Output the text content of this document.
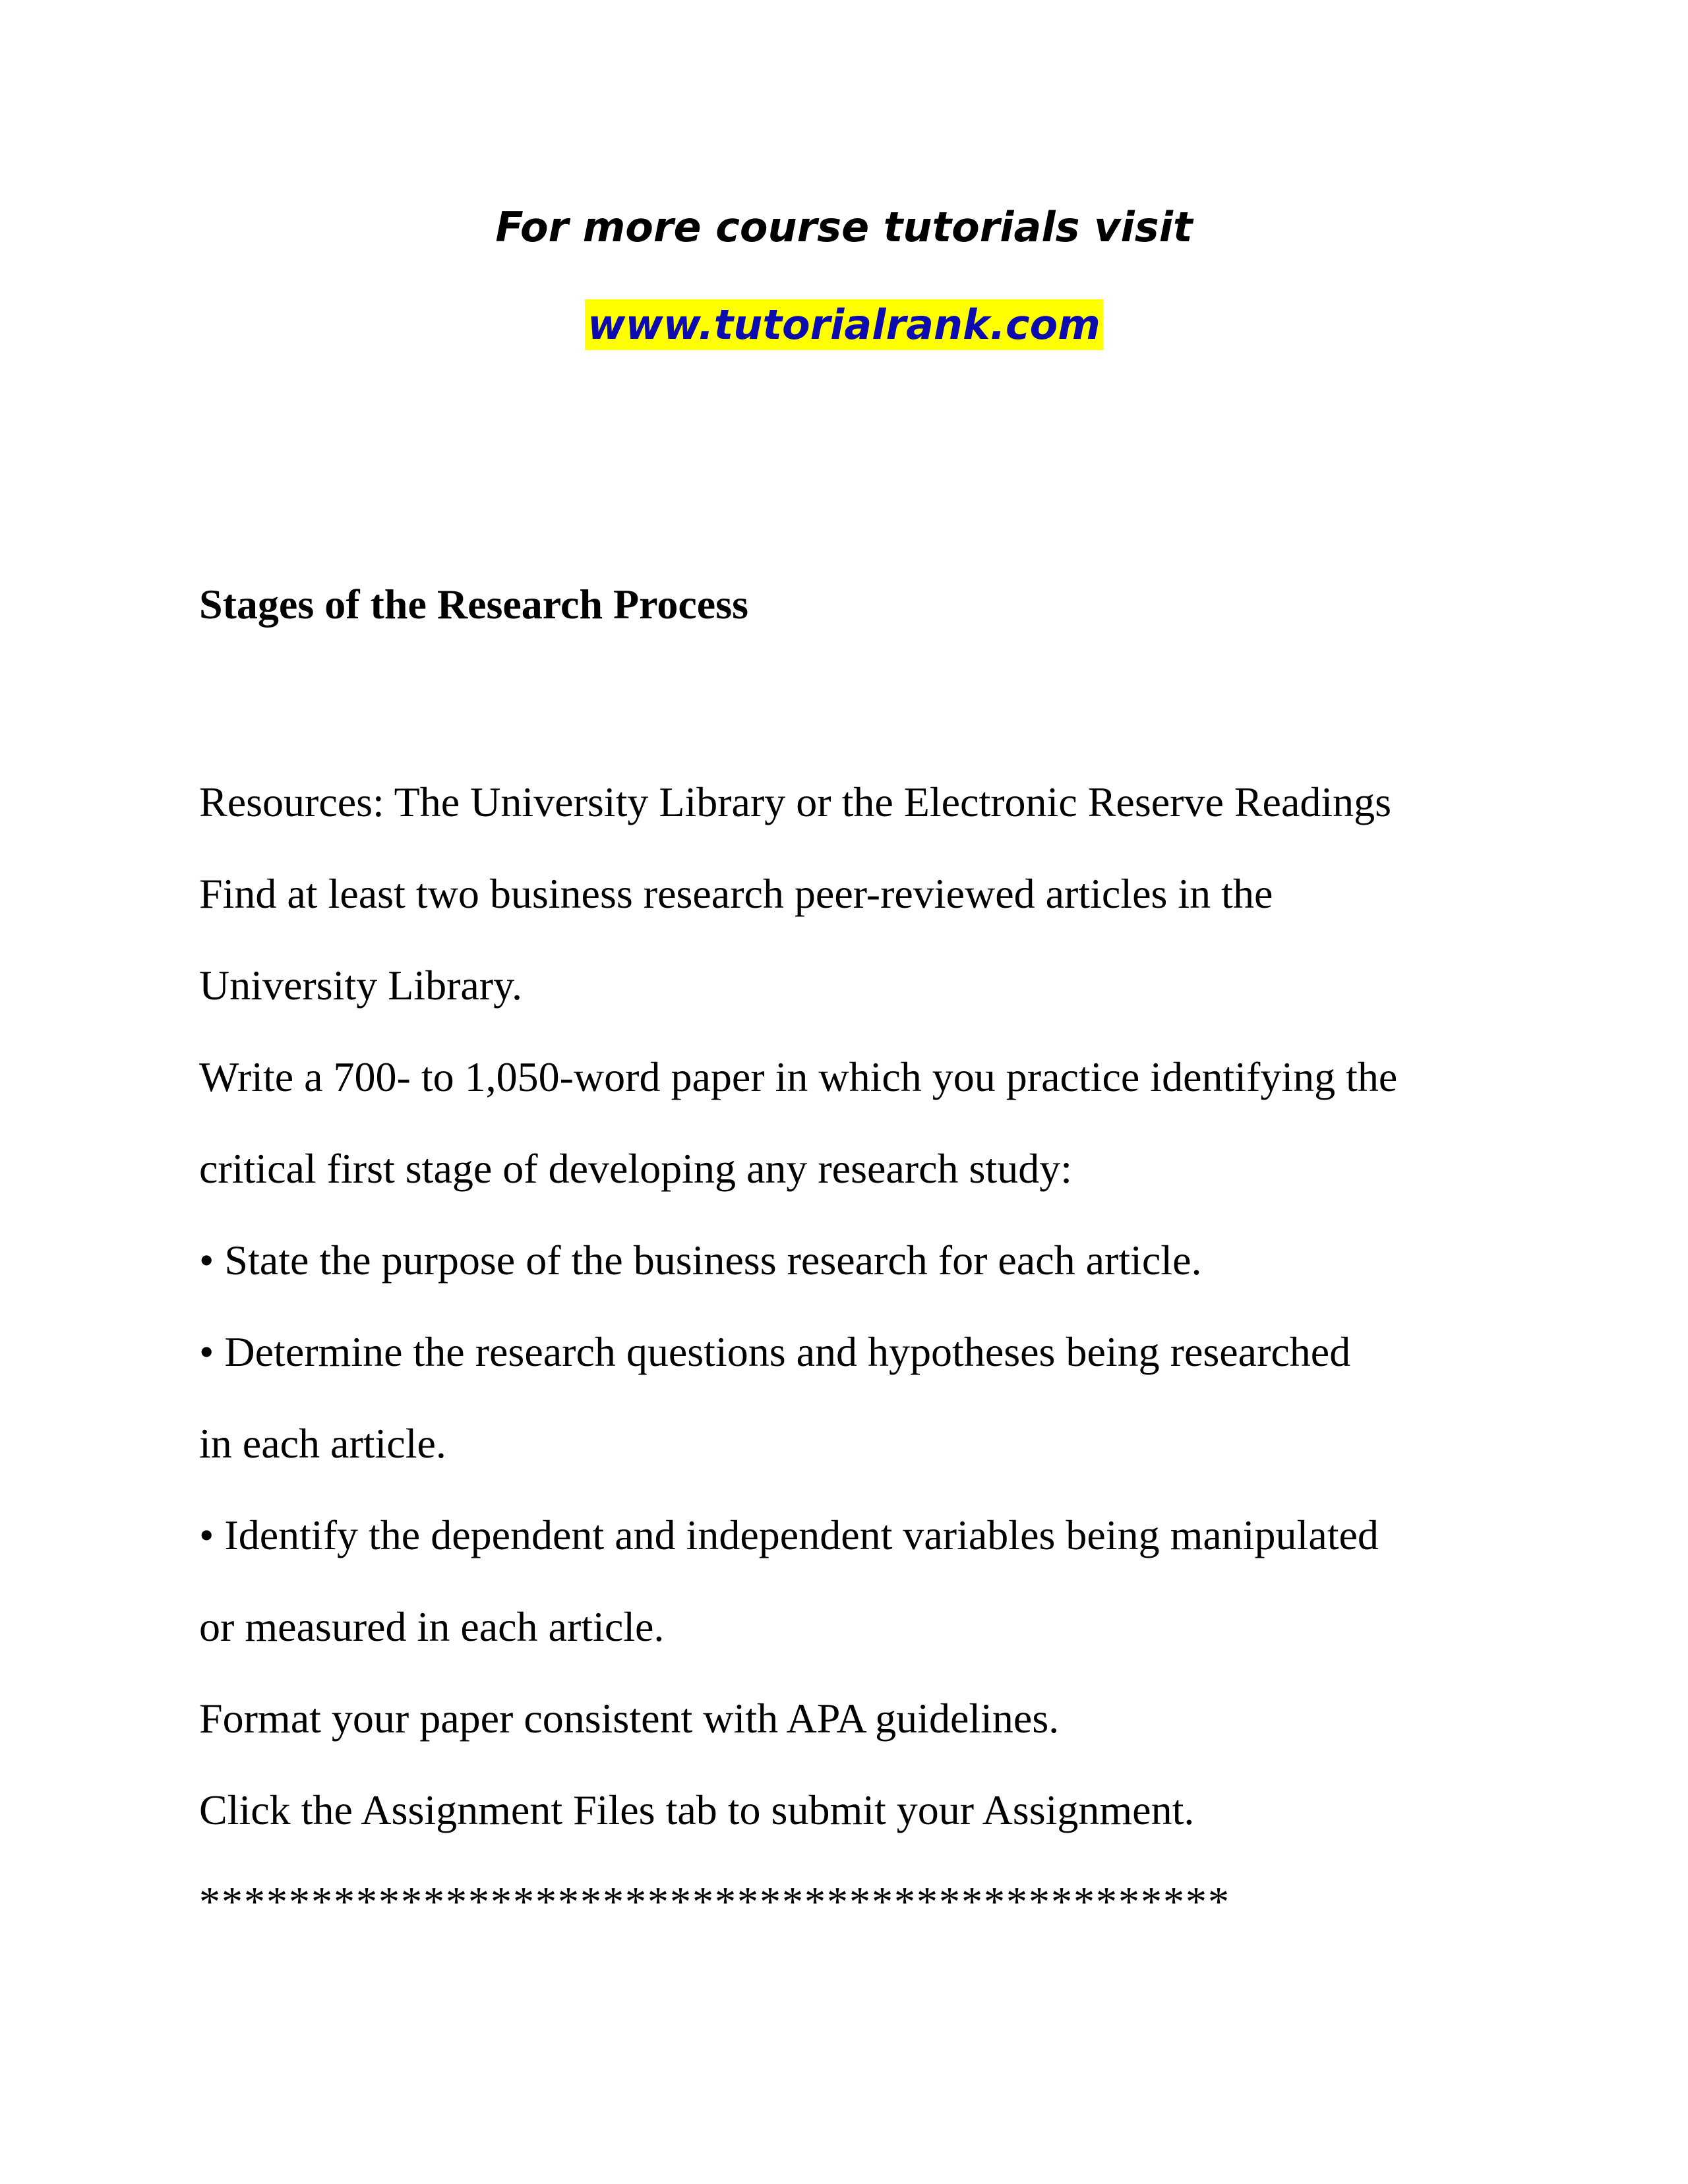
For more course tutorials visit
www.tutorialrank.com
Stages of the Research Process
Resources: The University Library or the Electronic Reserve Readings
Find at least two business research peer-reviewed articles in the
University Library.
Write a 700- to 1,050-word paper in which you practice identifying the
critical first stage of developing any research study:
• State the purpose of the business research for each article.
• Determine the research questions and hypotheses being researched
in each article.
• Identify the dependent and independent variables being manipulated
or measured in each article.
Format your paper consistent with APA guidelines.
Click the Assignment Files tab to submit your Assignment.
**********************************************
